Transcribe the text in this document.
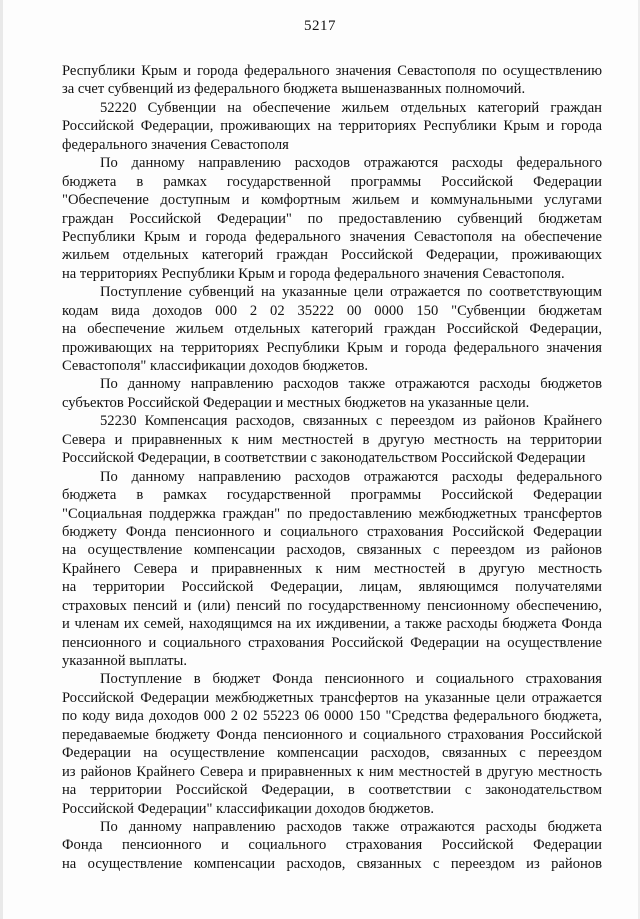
5217
Республики Крым и города федерального значения Севастополя по осуществлению
за счет субвенций из федерального бюджета вышеназванных полномочий.
52220 Субвенции на обеспечение жильем отдельных категорий граждан
Российской Федерации, проживающих на территориях Республики Крым и города
федерального значения Севастополя
По данному направлению расходов отражаются расходы федерального
бюджета в рамках государственной программы Российской Федерации
"Обеспечение доступным и комфортным жильем и коммунальными услугами
граждан Российской Федерации" по предоставлению субвенций бюджетам
Республики Крым и города федерального значения Севастополя на обеспечение
жильем отдельных категорий граждан Российской Федерации, проживающих
на территориях Республики Крым и города федерального значения Севастополя.
Поступление субвенций на указанные цели отражается по соответствующим
кодам вида доходов 000 2 02 35222 00 0000 150 "Субвенции бюджетам
на обеспечение жильем отдельных категорий граждан Российской Федерации,
проживающих на территориях Республики Крым и города федерального значения
Севастополя" классификации доходов бюджетов.
По данному направлению расходов также отражаются расходы бюджетов
субъектов Российской Федерации и местных бюджетов на указанные цели.
52230 Компенсация расходов, связанных с переездом из районов Крайнего
Севера и приравненных к ним местностей в другую местность на территории
Российской Федерации, в соответствии с законодательством Российской Федерации
По данному направлению расходов отражаются расходы федерального
бюджета в рамках государственной программы Российской Федерации
"Социальная поддержка граждан" по предоставлению межбюджетных трансфертов
бюджету Фонда пенсионного и социального страхования Российской Федерации
на осуществление компенсации расходов, связанных с переездом из районов
Крайнего Севера и приравненных к ним местностей в другую местность
на территории Российской Федерации, лицам, являющимся получателями
страховых пенсий и (или) пенсий по государственному пенсионному обеспечению,
и членам их семей, находящимся на их иждивении, а также расходы бюджета Фонда
пенсионного и социального страхования Российской Федерации на осуществление
указанной выплаты.
Поступление в бюджет Фонда пенсионного и социального страхования
Российской Федерации межбюджетных трансфертов на указанные цели отражается
по коду вида доходов 000 2 02 55223 06 0000 150 "Средства федерального бюджета,
передаваемые бюджету Фонда пенсионного и социального страхования Российской
Федерации на осуществление компенсации расходов, связанных с переездом
из районов Крайнего Севера и приравненных к ним местностей в другую местность
на территории Российской Федерации, в соответствии с законодательством
Российской Федерации" классификации доходов бюджетов.
По данному направлению расходов также отражаются расходы бюджета
Фонда пенсионного и социального страхования Российской Федерации
на осуществление компенсации расходов, связанных с переездом из районов
